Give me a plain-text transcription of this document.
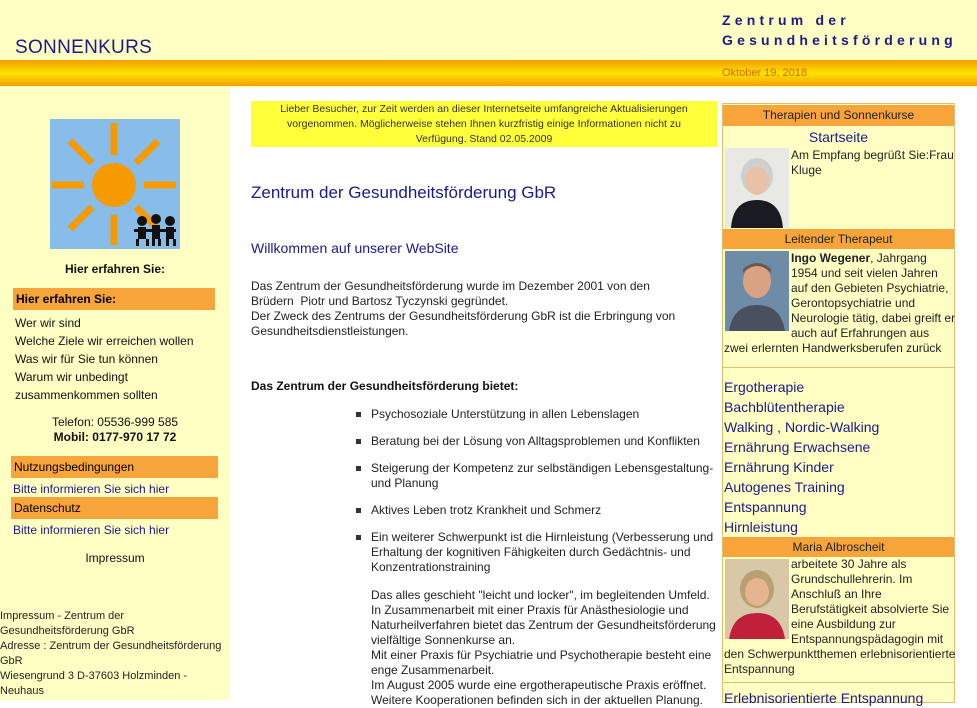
SONNENKURS
Zentrum der
Gesundheitsförderung
Oktober 19, 2018
Hier erfahren Sie:
Hier erfahren Sie:
Wer wir sind
Welche Ziele wir erreichen wollen
Was wir für Sie tun können
Warum wir unbedingt
zusammenkommen sollten
Telefon: 05536-999 585
Mobil: 0177-970 17 72
Nutzungsbedingungen
Bitte informieren Sie sich hier
Datenschutz
Bitte informieren Sie sich hier
Impressum
Impressum - Zentrum der
Gesundheitsförderung GbR
Adresse : Zentrum der Gesundheitsförderung
GbR
Wiesengrund 3 D-37603 Holzminden -
Neuhaus
Lieber Besucher, zur Zeit werden an dieser Internetseite umfangreiche Aktualisierungen
vorgenommen. Möglicherweise stehen Ihnen kurzfristig einige Informationen nicht zu
Verfügung. Stand 02.05.2009
Zentrum der Gesundheitsförderung GbR
Willkommen auf unserer WebSite
Das Zentrum der Gesundheitsförderung wurde im Dezember 2001 von den
Brüdern  Piotr und Bartosz Tyczynski gegründet.
Der Zweck des Zentrums der Gesundheitsförderung GbR ist die Erbringung von
Gesundheitsdienstleistungen.
Das Zentrum der Gesundheitsförderung bietet:
Psychosoziale Unterstützung in allen Lebenslagen
Beratung bei der Lösung von Alltagsproblemen und Konflikten
Steigerung der Kompetenz zur selbständigen Lebensgestaltung- und Planung
Aktives Leben trotz Krankheit und Schmerz
Ein weiterer Schwerpunkt ist die Hirnleistung (Verbesserung und Erhaltung der kognitiven Fähigkeiten durch Gedächtnis- und Konzentrationstraining
Das alles geschieht "leicht und locker", im begleitenden Umfeld.
In Zusammenarbeit mit einer Praxis für Anästhesiologie und
Naturheilverfahren bietet das Zentrum der Gesundheitsförderung
vielfältige Sonnenkurse an.
Mit einer Praxis für Psychiatrie und Psychotherapie besteht eine
enge Zusammenarbeit.
Im August 2005 wurde eine ergotherapeutische Praxis eröffnet.
Weitere Kooperationen befinden sich in der aktuellen Planung.
Therapien und Sonnenkurse
Startseite
Am Empfang begrüßt Sie:Frau Kluge
Leitender Therapeut
Ingo Wegener, Jahrgang 1954 und seit vielen Jahren auf den Gebieten Psychiatrie, Gerontopsychiatrie und Neurologie tätig, dabei greift er auch auf Erfahrungen aus zwei erlernten Handwerksberufen zurück
Ergotherapie
Bachblütentherapie
Walking , Nordic-Walking
Ernährung Erwachsene
Ernährung Kinder
Autogenes Training
Entspannung
Hirnleistung
Maria Albroscheit
arbeitete 30 Jahre als Grundschullehrerin. Im Anschluß an Ihre Berufstätigkeit absolvierte Sie eine Ausbildung zur Entspannungspädagogin mit den Schwerpunktthemen erlebnisorientierte Entspannung
Erlebnisorientierte Entspannung
